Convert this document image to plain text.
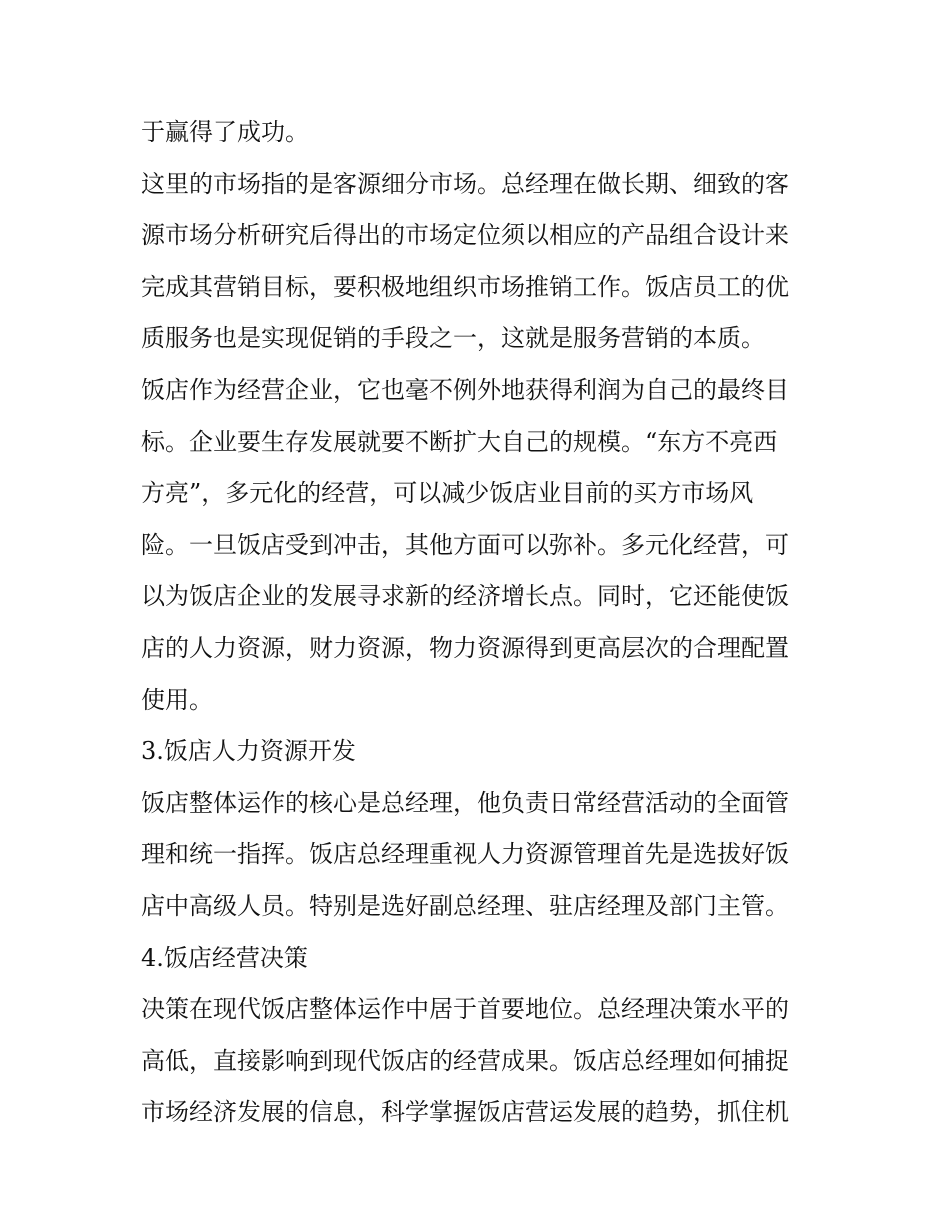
于赢得了成功。
这里的市场指的是客源细分市场。总经理在做长期、细致的客
源市场分析研究后得出的市场定位须以相应的产品组合设计来
完成其营销目标，要积极地组织市场推销工作。饭店员工的优
质服务也是实现促销的手段之一，这就是服务营销的本质。
饭店作为经营企业，它也毫不例外地获得利润为自己的最终目
标。企业要生存发展就要不断扩大自己的规模。“东方不亮西
方亮”，多元化的经营，可以减少饭店业目前的买方市场风
险。一旦饭店受到冲击，其他方面可以弥补。多元化经营，可
以为饭店企业的发展寻求新的经济增长点。同时，它还能使饭
店的人力资源，财力资源，物力资源得到更高层次的合理配置
使用。
3.饭店人力资源开发
饭店整体运作的核心是总经理，他负责日常经营活动的全面管
理和统一指挥。饭店总经理重视人力资源管理首先是选拔好饭
店中高级人员。特别是选好副总经理、驻店经理及部门主管。
4.饭店经营决策
决策在现代饭店整体运作中居于首要地位。总经理决策水平的
高低，直接影响到现代饭店的经营成果。饭店总经理如何捕捉
市场经济发展的信息，科学掌握饭店营运发展的趋势，抓住机
